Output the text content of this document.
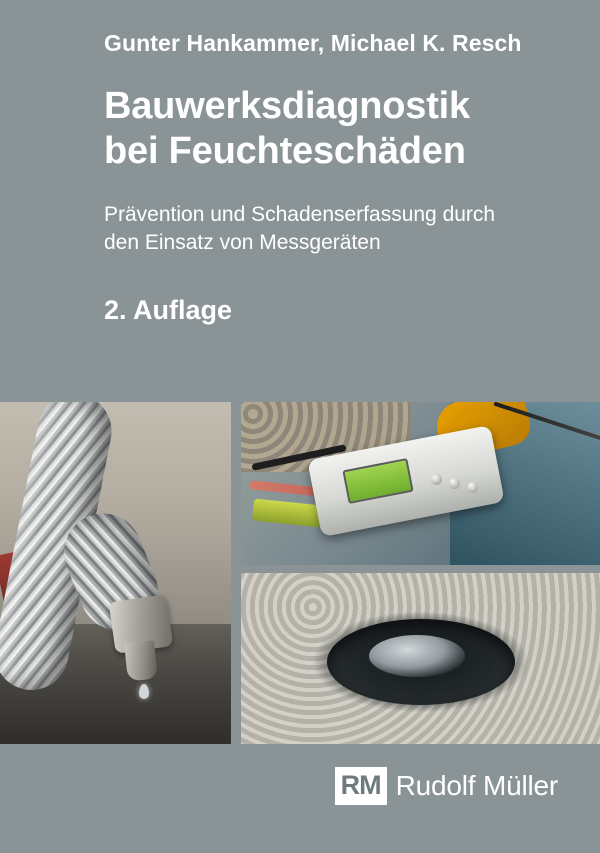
Gunter Hankammer, Michael K. Resch
Bauwerksdiagnostik
bei Feuchteschäden
Prävention und Schadenserfassung durch
den Einsatz von Messgeräten
2. Auflage
RM Rudolf Müller
